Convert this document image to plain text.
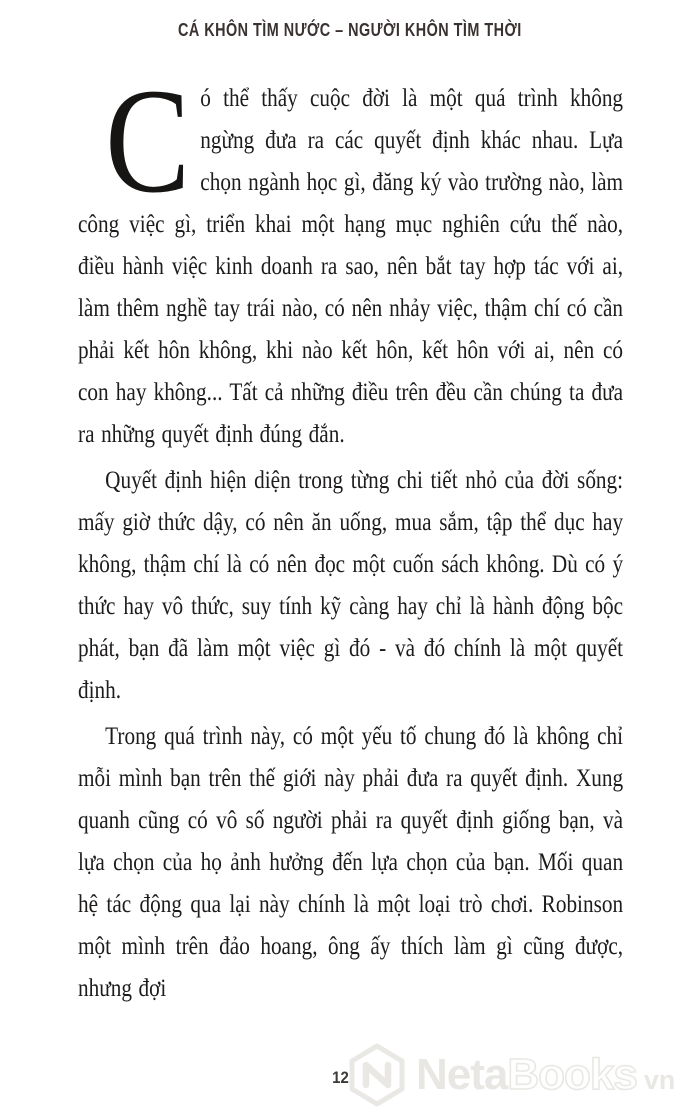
CÁ KHÔN TÌM NƯỚC – NGƯỜI KHÔN TÌM THỜI

Có thể thấy cuộc đời là một quá trình không ngừng đưa ra các quyết định khác nhau. Lựa chọn ngành học gì, đăng ký vào trường nào, làm công việc gì, triển khai một hạng mục nghiên cứu thế nào, điều hành việc kinh doanh ra sao, nên bắt tay hợp tác với ai, làm thêm nghề tay trái nào, có nên nhảy việc, thậm chí có cần phải kết hôn không, khi nào kết hôn, kết hôn với ai, nên có con hay không... Tất cả những điều trên đều cần chúng ta đưa ra những quyết định đúng đắn.

Quyết định hiện diện trong từng chi tiết nhỏ của đời sống: mấy giờ thức dậy, có nên ăn uống, mua sắm, tập thể dục hay không, thậm chí là có nên đọc một cuốn sách không. Dù có ý thức hay vô thức, suy tính kỹ càng hay chỉ là hành động bộc phát, bạn đã làm một việc gì đó - và đó chính là một quyết định.

Trong quá trình này, có một yếu tố chung đó là không chỉ mỗi mình bạn trên thế giới này phải đưa ra quyết định. Xung quanh cũng có vô số người phải ra quyết định giống bạn, và lựa chọn của họ ảnh hưởng đến lựa chọn của bạn. Mối quan hệ tác động qua lại này chính là một loại trò chơi. Robinson một mình trên đảo hoang, ông ấy thích làm gì cũng được, nhưng đợi

12	NetaBooks vn
